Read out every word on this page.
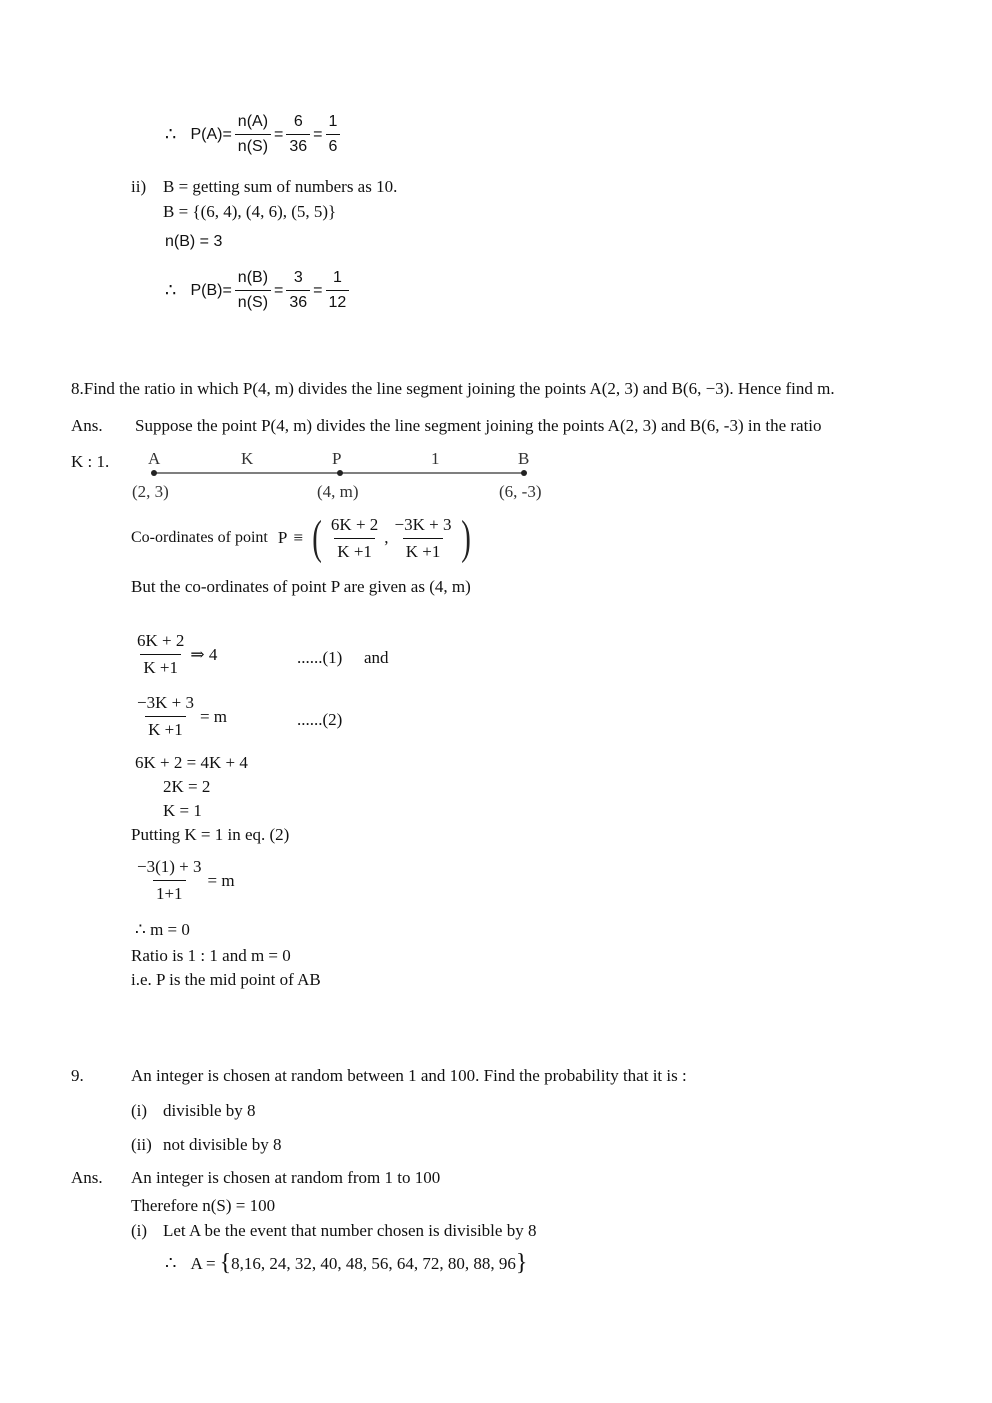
∴ $P(A) = \frac{n(A)}{n(S)} = \frac{6}{36} = \frac{1}{6}$
ii) B = getting sum of numbers as 10.
B = {(6, 4), (4, 6), (5, 5)}
n(B) = 3
∴ $P(B) = \frac{n(B)}{n(S)} = \frac{3}{36} = \frac{1}{12}$
8.Find the ratio in which P(4, m) divides the line segment joining the points A(2, 3) and B(6, −3). Hence find m.
Ans. Suppose the point P(4, m) divides the line segment joining the points A(2, 3) and B(6, -3) in the ratio
K : 1. A	K	P	1	B
(2, 3)	(4, m)	(6, -3)
Co-ordinates of point P ≡ ( $\frac{6K + 2}{K +1}$ , $\frac{-3K + 3}{K +1}$ )
But the co-ordinates of point P are given as (4, m)
$\frac{6K + 2}{K +1}$ ⇒ 4	......(1) and
$\frac{-3K + 3}{K +1} = m$	......(2)
6K + 2 = 4K + 4
2K = 2
K = 1
Putting K = 1 in eq. (2)
$\frac{-3(1) + 3}{1+1} = m$
∴ m = 0
Ratio is 1 : 1 and m = 0
i.e. P is the mid point of AB
9.	An integer is chosen at random between 1 and 100. Find the probability that it is :
(i) divisible by 8
(ii) not divisible by 8
Ans. An integer is chosen at random from 1 to 100
Therefore n(S) = 100
(i) Let A be the event that number chosen is divisible by 8
∴ A = { 8,16, 24, 32, 40, 48, 56, 64, 72, 80, 88, 96 }
